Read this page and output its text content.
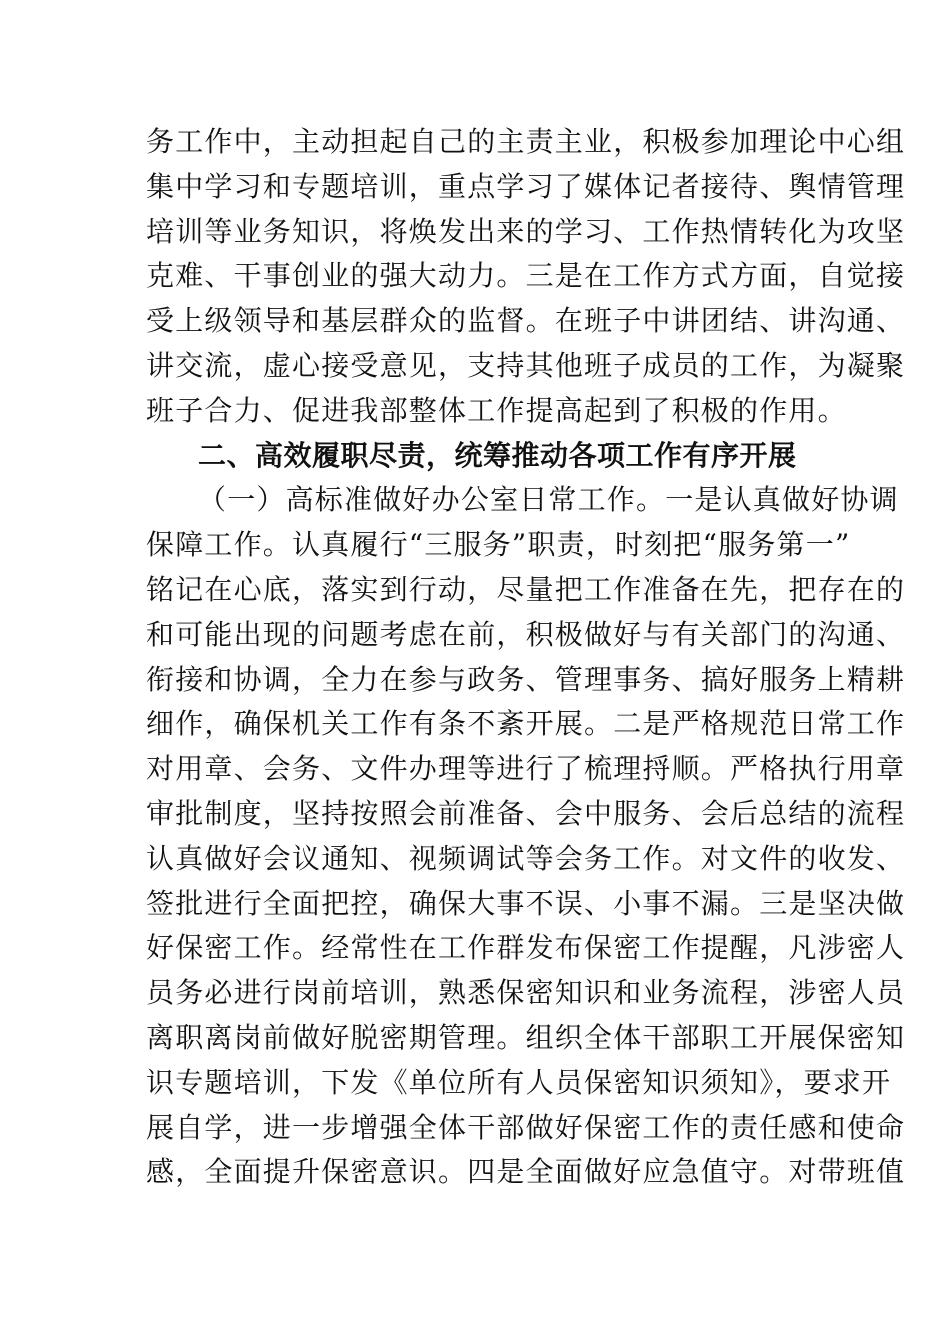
务工作中，主动担起自己的主责主业，积极参加理论中心组
集中学习和专题培训，重点学习了媒体记者接待、舆情管理
培训等业务知识，将焕发出来的学习、工作热情转化为攻坚
克难、干事创业的强大动力。三是在工作方式方面，自觉接
受上级领导和基层群众的监督。在班子中讲团结、讲沟通、
讲交流，虚心接受意见，支持其他班子成员的工作，为凝聚
班子合力、促进我部整体工作提高起到了积极的作用。
二、高效履职尽责，统筹推动各项工作有序开展
（一）高标准做好办公室日常工作。一是认真做好协调
保障工作。认真履行“三服务”职责，时刻把“服务第一”
铭记在心底，落实到行动，尽量把工作准备在先，把存在的
和可能出现的问题考虑在前，积极做好与有关部门的沟通、
衔接和协调，全力在参与政务、管理事务、搞好服务上精耕
细作，确保机关工作有条不紊开展。二是严格规范日常工作
对用章、会务、文件办理等进行了梳理捋顺。严格执行用章
审批制度，坚持按照会前准备、会中服务、会后总结的流程
认真做好会议通知、视频调试等会务工作。对文件的收发、
签批进行全面把控，确保大事不误、小事不漏。三是坚决做
好保密工作。经常性在工作群发布保密工作提醒，凡涉密人
员务必进行岗前培训，熟悉保密知识和业务流程，涉密人员
离职离岗前做好脱密期管理。组织全体干部职工开展保密知
识专题培训，下发《单位所有人员保密知识须知》，要求开
展自学，进一步增强全体干部做好保密工作的责任感和使命
感，全面提升保密意识。四是全面做好应急值守。对带班值
